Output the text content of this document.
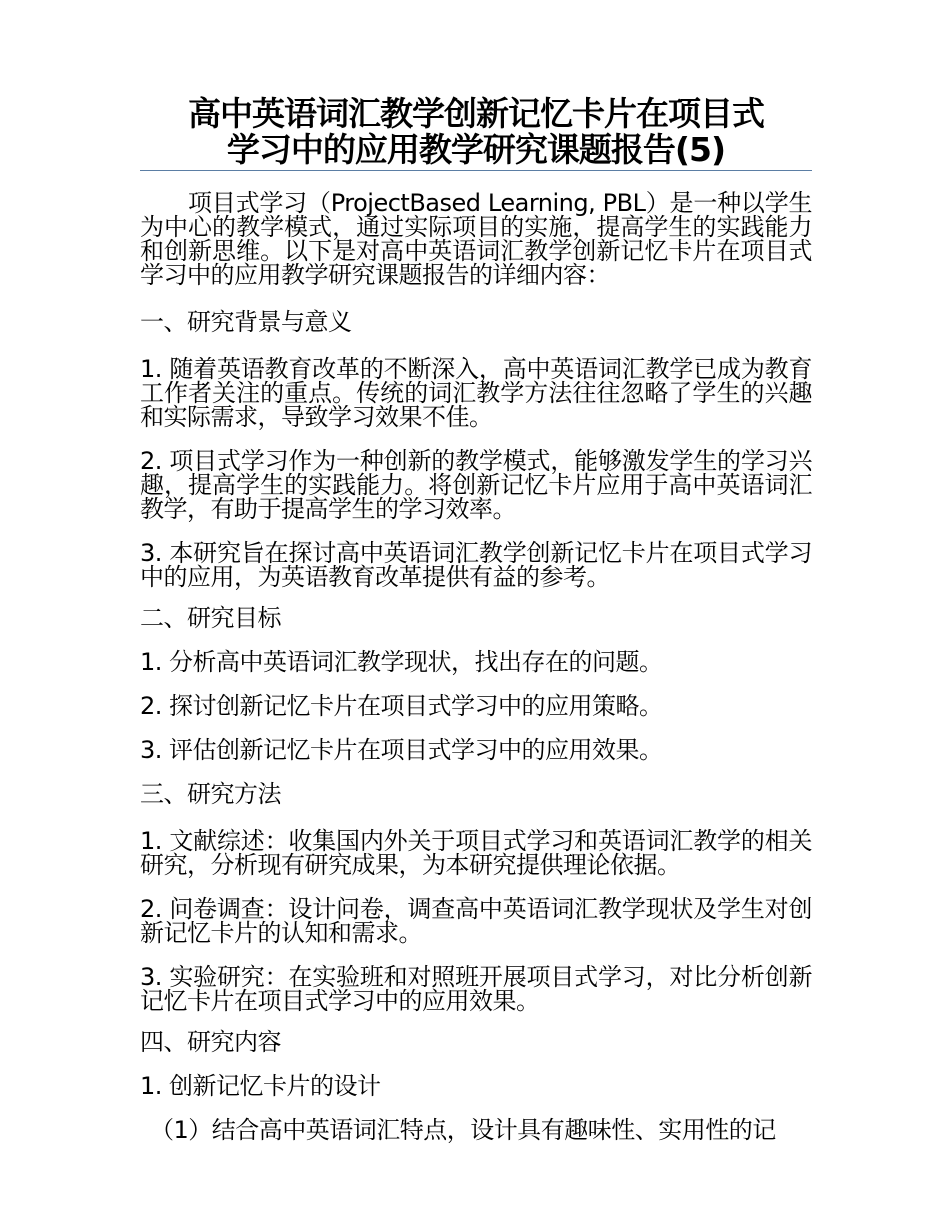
高中英语词汇教学创新记忆卡片在项目式
学习中的应用教学研究课题报告(5)

项目式学习（ProjectBased Learning, PBL）是一种以学生为中心的教学模式，通过实际项目的实施，提高学生的实践能力和创新思维。以下是对高中英语词汇教学创新记忆卡片在项目式学习中的应用教学研究课题报告的详细内容：

一、研究背景与意义

1. 随着英语教育改革的不断深入，高中英语词汇教学已成为教育工作者关注的重点。传统的词汇教学方法往往忽略了学生的兴趣和实际需求，导致学习效果不佳。

2. 项目式学习作为一种创新的教学模式，能够激发学生的学习兴趣，提高学生的实践能力。将创新记忆卡片应用于高中英语词汇教学，有助于提高学生的学习效率。

3. 本研究旨在探讨高中英语词汇教学创新记忆卡片在项目式学习中的应用，为英语教育改革提供有益的参考。

二、研究目标

1. 分析高中英语词汇教学现状，找出存在的问题。

2. 探讨创新记忆卡片在项目式学习中的应用策略。

3. 评估创新记忆卡片在项目式学习中的应用效果。

三、研究方法

1. 文献综述：收集国内外关于项目式学习和英语词汇教学的相关研究，分析现有研究成果，为本研究提供理论依据。

2. 问卷调查：设计问卷，调查高中英语词汇教学现状及学生对创新记忆卡片的认知和需求。

3. 实验研究：在实验班和对照班开展项目式学习，对比分析创新记忆卡片在项目式学习中的应用效果。

四、研究内容

1. 创新记忆卡片的设计

（1）结合高中英语词汇特点，设计具有趣味性、实用性的记
